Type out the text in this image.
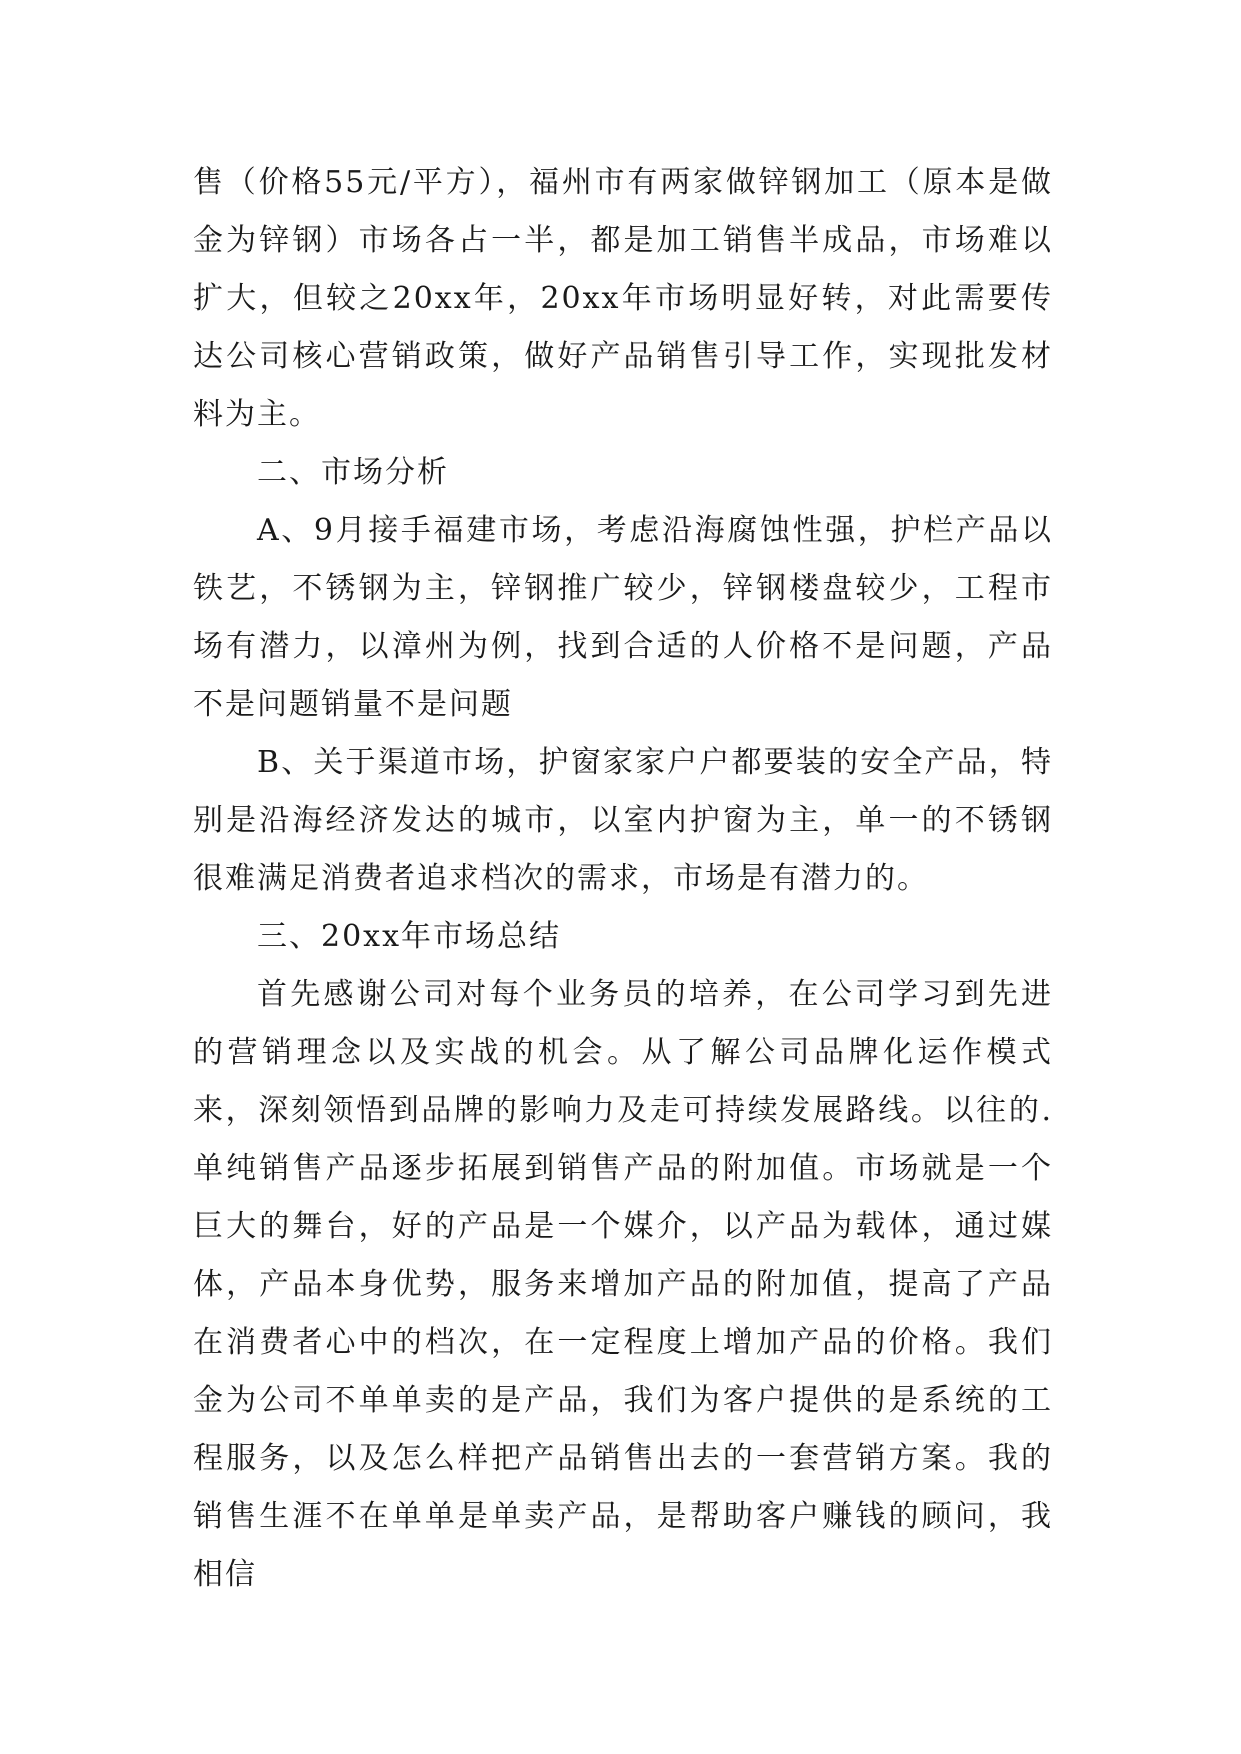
售（价格55元/平方），福州市有两家做锌钢加工（原本是做金为锌钢）市场各占一半，都是加工销售半成品，市场难以扩大，但较之20xx年，20xx年市场明显好转，对此需要传达公司核心营销政策，做好产品销售引导工作，实现批发材料为主。

二、市场分析

A、9月接手福建市场，考虑沿海腐蚀性强，护栏产品以铁艺，不锈钢为主，锌钢推广较少，锌钢楼盘较少，工程市场有潜力，以漳州为例，找到合适的人价格不是问题，产品不是问题销量不是问题

B、关于渠道市场，护窗家家户户都要装的安全产品，特别是沿海经济发达的城市，以室内护窗为主，单一的不锈钢很难满足消费者追求档次的需求，市场是有潜力的。

三、20xx年市场总结

首先感谢公司对每个业务员的培养，在公司学习到先进的营销理念以及实战的机会。从了解公司品牌化运作模式来，深刻领悟到品牌的影响力及走可持续发展路线。以往的.单纯销售产品逐步拓展到销售产品的附加值。市场就是一个巨大的舞台，好的产品是一个媒介，以产品为载体，通过媒体，产品本身优势，服务来增加产品的附加值，提高了产品在消费者心中的档次，在一定程度上增加产品的价格。我们金为公司不单单卖的是产品，我们为客户提供的是系统的工程服务，以及怎么样把产品销售出去的一套营销方案。我的销售生涯不在单单是单卖产品，是帮助客户赚钱的顾问，我相信
